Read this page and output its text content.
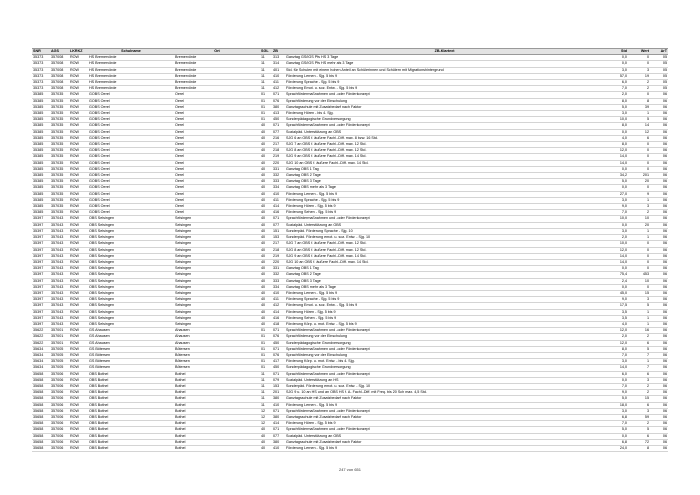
SNR	AGS	LKRKZ	Schulname	Ort	SGL	ZB	ZB-Klartext	Std	Wert	ArT
35373	357008	ROW	HS Bremervörde	Bremervörde	11	313	Ganztag GS/IGS Pfs HS 3 Tage	0,0	0	05
35373	357008	ROW	HS Bremervörde	Bremervörde	11	314	Ganztag GS/IGS Pfs HS mehr als 3 Tage	0,0	0	05
35373	357008	ROW	HS Bremervörde	Bremervörde	11	401	Std. für Schulen mit einem hohen Anteil an Schülerinnen und Schülern mit Migrationshintergrund	3,0	3	05
35373	357008	ROW	HS Bremervörde	Bremervörde	11	410	Förderung Lernen - Sjg. 5 bis 9	57,0	19	05
35373	357008	ROW	HS Bremervörde	Bremervörde	11	411	Förderung Sprache - Sjg. 5 bis 9	6,0	2	05
35373	357008	ROW	HS Bremervörde	Bremervörde	11	412	Förderung Emot. u. soz. Entw. - Sjg. 5 bis 9	7,0	2	05
35385	357035	ROW	GOBS Oerel	Oerel	01	071	Sprachfördermaßnahmen und -oder Förderkonzept	2,0	0	06
35385	357035	ROW	GOBS Oerel	Oerel	01	076	Sprachförderung vor der Einschulung	8,0	8	06
35385	357035	ROW	GOBS Oerel	Oerel	01	380	Ganztagsschule mit Zusatzbedarf nach Faktor	5,0	39	06
35385	357035	ROW	GOBS Oerel	Oerel	01	413	Förderung Hören - bis 4. Sjg.	3,0	1	06
35385	357035	ROW	GOBS Oerel	Oerel	01	450	Sonderpädagogische Grundversorgung	10,0	5	06
35385	357035	ROW	GOBS Oerel	Oerel	40	071	Sprachfördermaßnahmen und -oder Förderkonzept	8,0	14	06
35385	357035	ROW	GOBS Oerel	Oerel	40	077	Sozialpäd. Unterstützung an OBS	0,0	12	06
35385	357035	ROW	GOBS Oerel	Oerel	40	216	SJG 6 an OBS f. äußere Fachl.-Diff. max. 8 bzw. 16 Std.	4,0	6	06
35385	357035	ROW	GOBS Oerel	Oerel	40	217	SJG 7 an OBS f. äußere Fachl.-Diff. max. 12 Std.	8,0	0	06
35385	357035	ROW	GOBS Oerel	Oerel	40	218	SJG 8 an OBS f. äußere Fachl.-Diff. max. 12 Std.	12,0	0	06
35385	357035	ROW	GOBS Oerel	Oerel	40	219	SJG 9 an OBS f. äußere Fachl.-Diff. max. 14 Std.	14,0	0	06
35385	357035	ROW	GOBS Oerel	Oerel	40	220	SJG 10 an OBS f. äußere Fachl.-Diff. max. 14 Std.	14,0	0	06
35385	357035	ROW	GOBS Oerel	Oerel	40	331	Ganztag OBS 1 Tag	0,0	0	06
35385	357035	ROW	GOBS Oerel	Oerel	40	332	Ganztag OBS 2 Tage	34,2	201	06
35385	357035	ROW	GOBS Oerel	Oerel	40	333	Ganztag OBS 3 Tage	5,0	20	06
35385	357035	ROW	GOBS Oerel	Oerel	40	334	Ganztag OBS mehr als 3 Tage	0,0	0	06
35385	357035	ROW	GOBS Oerel	Oerel	40	410	Förderung Lernen - Sjg. 5 bis 9	27,0	9	06
35385	357035	ROW	GOBS Oerel	Oerel	40	411	Förderung Sprache - Sjg. 5 bis 9	3,0	1	06
35385	357035	ROW	GOBS Oerel	Oerel	40	414	Förderung Hören - Sjg. 5 bis 9	9,0	3	06
35385	357035	ROW	GOBS Oerel	Oerel	40	416	Förderung Sehen - Sjg. 5 bis 9	7,0	2	06
35397	357043	ROW	OBS Selsingen	Selsingen	40	071	Sprachfördermaßnahmen und -oder Förderkonzept	10,0	10	06
35397	357043	ROW	OBS Selsingen	Selsingen	40	077	Sozialpäd. Unterstützung an OBS	0,0	20	06
35397	357043	ROW	OBS Selsingen	Selsingen	40	151	Sonderpäd. Förderung Sprache - Sjg. 10	3,0	1	06
35397	357043	ROW	OBS Selsingen	Selsingen	40	153	Sonderpäd. Förderung emot. u. soz. Entw. - Sjg. 10	2,0	1	06
35397	357043	ROW	OBS Selsingen	Selsingen	40	217	SJG 7 an OBS f. äußere Fachl.-Diff. max. 12 Std.	10,0	0	06
35397	357043	ROW	OBS Selsingen	Selsingen	40	218	SJG 8 an OBS f. äußere Fachl.-Diff. max. 12 Std.	12,0	0	06
35397	357043	ROW	OBS Selsingen	Selsingen	40	219	SJG 9 an OBS f. äußere Fachl.-Diff. max. 14 Std.	14,0	0	06
35397	357043	ROW	OBS Selsingen	Selsingen	40	220	SJG 10 an OBS f. äußere Fachl.-Diff. max. 14 Std.	14,0	0	06
35397	357043	ROW	OBS Selsingen	Selsingen	40	331	Ganztag OBS 1 Tag	0,0	0	06
35397	357043	ROW	OBS Selsingen	Selsingen	40	332	Ganztag OBS 2 Tage	75,4	453	06
35397	357043	ROW	OBS Selsingen	Selsingen	40	333	Ganztag OBS 3 Tage	2,4	10	06
35397	357043	ROW	OBS Selsingen	Selsingen	40	334	Ganztag OBS mehr als 3 Tage	0,0	0	06
35397	357043	ROW	OBS Selsingen	Selsingen	40	410	Förderung Lernen - Sjg. 5 bis 9	45,0	15	06
35397	357043	ROW	OBS Selsingen	Selsingen	40	411	Förderung Sprache - Sjg. 5 bis 9	9,0	3	06
35397	357043	ROW	OBS Selsingen	Selsingen	40	412	Förderung Emot. u. soz. Entw. - Sjg. 5 bis 9	17,5	5	06
35397	357043	ROW	OBS Selsingen	Selsingen	40	414	Förderung Hören - Sjg. 5 bis 9	3,5	1	06
35397	357043	ROW	OBS Selsingen	Selsingen	40	416	Förderung Sehen - Sjg. 5 bis 9	3,5	1	06
35397	357043	ROW	OBS Selsingen	Selsingen	40	418	Förderung Körp. u. mot. Entw. - Sjg. 5 bis 9	4,0	1	06
35622	357001	ROW	GS Ahausen	Ahausen	01	071	Sprachfördermaßnahmen und -oder Förderkonzept	12,0	16	06
35622	357001	ROW	GS Ahausen	Ahausen	01	076	Sprachförderung vor der Einschulung	2,0	2	06
35622	357001	ROW	GS Ahausen	Ahausen	01	450	Sonderpädagogische Grundversorgung	12,0	6	06
35634	357005	ROW	GS Bötersen	Bötersen	01	071	Sprachfördermaßnahmen und -oder Förderkonzept	8,0	5	06
35634	357005	ROW	GS Bötersen	Bötersen	01	076	Sprachförderung vor der Einschulung	7,0	7	06
35634	357005	ROW	GS Bötersen	Bötersen	01	417	Förderung Körp. u. mot. Entw. - bis 4. Sjg.	3,0	1	06
35634	357005	ROW	GS Bötersen	Bötersen	01	450	Sonderpädagogische Grundversorgung	14,0	7	06
35658	357006	ROW	OBS Bothel	Bothel	11	071	Sprachfördermaßnahmen und -oder Förderkonzept	6,0	6	06
35658	357006	ROW	OBS Bothel	Bothel	11	079	Sozialpäd. Unterstützung an HS	0,0	3	06
35658	357006	ROW	OBS Bothel	Bothel	11	153	Sonderpäd. Förderung emot. u. soz. Entw. - Sjg. 10	7,0	2	06
35658	357006	ROW	OBS Bothel	Bothel	11	201	SJG 9 u. 10 an HS und an OBS HS f. A- Fachl.-Diff. mit Freq. bis 20 Sch max. 4,5 Std.	9,0	2	06
35658	357006	ROW	OBS Bothel	Bothel	11	380	Ganztagsschule mit Zusatzbedarf nach Faktor	5,0	15	06
35658	357006	ROW	OBS Bothel	Bothel	11	410	Förderung Lernen - Sjg. 5 bis 9	18,0	6	06
35658	357006	ROW	OBS Bothel	Bothel	12	071	Sprachfördermaßnahmen und -oder Förderkonzept	3,0	3	06
35658	357006	ROW	OBS Bothel	Bothel	12	380	Ganztagsschule mit Zusatzbedarf nach Faktor	6,8	59	06
35658	357006	ROW	OBS Bothel	Bothel	12	414	Förderung Hören - Sjg. 5 bis 9	7,0	2	06
35658	357006	ROW	OBS Bothel	Bothel	40	071	Sprachfördermaßnahmen und -oder Förderkonzept	5,0	5	06
35658	357006	ROW	OBS Bothel	Bothel	40	077	Sozialpäd. Unterstützung an OBS	0,0	6	06
35658	357006	ROW	OBS Bothel	Bothel	40	380	Ganztagsschule mit Zusatzbedarf nach Faktor	6,8	72	06
35658	357006	ROW	OBS Bothel	Bothel	40	410	Förderung Lernen - Sjg. 5 bis 9	24,0	8	06
247 von 651
